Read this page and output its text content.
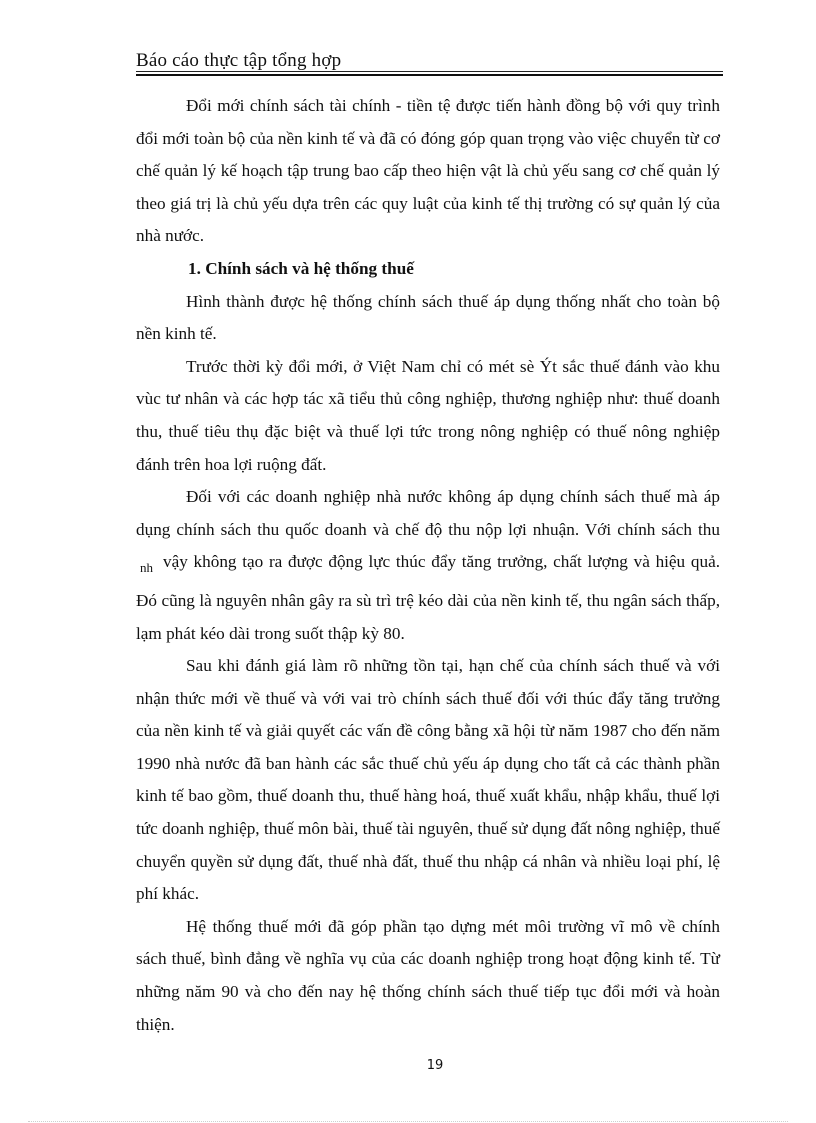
Báo cáo thực tập tổng hợp

Đổi mới chính sách tài chính - tiền tệ được tiến hành đồng bộ với quy trình đổi mới toàn bộ của nền kinh tế và đã có đóng góp quan trọng vào việc chuyển từ cơ chế quản lý kế hoạch tập trung bao cấp theo hiện vật là chủ yếu sang cơ chế quản lý theo giá trị là chủ yếu dựa trên các quy luật của kinh tế thị trường có sự quản lý của nhà nước.

1. Chính sách và hệ thống thuế

Hình thành được hệ thống chính sách thuế áp dụng thống nhất cho toàn bộ nền kinh tế.

Trước thời kỳ đổi mới, ở Việt Nam chỉ có mét sè Ýt sắc thuế đánh vào khu vùc tư nhân và các hợp tác xã tiểu thủ công nghiệp, thương nghiệp như: thuế doanh thu, thuế tiêu thụ đặc biệt và thuế lợi tức trong nông nghiệp có thuế nông nghiệp đánh trên hoa lợi ruộng đất.

Đối với các doanh nghiệp nhà nước không áp dụng chính sách thuế mà áp dụng chính sách thu quốc doanh và chế độ thu nộp lợi nhuận. Với chính sách thu $_{nh}$ vậy không tạo ra được động lực thúc đẩy tăng trưởng, chất lượng và hiệu quả. Đó cũng là nguyên nhân gây ra sù trì trệ kéo dài của nền kinh tế, thu ngân sách thấp, lạm phát kéo dài trong suốt thập kỳ 80.

Sau khi đánh giá làm rõ những tồn tại, hạn chế của chính sách thuế và với nhận thức mới về thuế và với vai trò chính sách thuế đối với thúc đẩy tăng trưởng của nền kinh tế và giải quyết các vấn đề công bằng xã hội từ năm 1987 cho đến năm 1990 nhà nước đã ban hành các sắc thuế chủ yếu áp dụng cho tất cả các thành phần kinh tế bao gồm, thuế doanh thu, thuế hàng hoá, thuế xuất khẩu, nhập khẩu, thuế lợi tức doanh nghiệp, thuế môn bài, thuế tài nguyên, thuế sử dụng đất nông nghiệp, thuế chuyển quyền sử dụng đất, thuế nhà đất, thuế thu nhập cá nhân và nhiều loại phí, lệ phí khác.

Hệ thống thuế mới đã góp phần tạo dựng mét môi trường vĩ mô về chính sách thuế, bình đẳng về nghĩa vụ của các doanh nghiệp trong hoạt động kinh tế. Từ những năm 90 và cho đến nay hệ thống chính sách thuế tiếp tục đổi mới và hoàn thiện.

19
